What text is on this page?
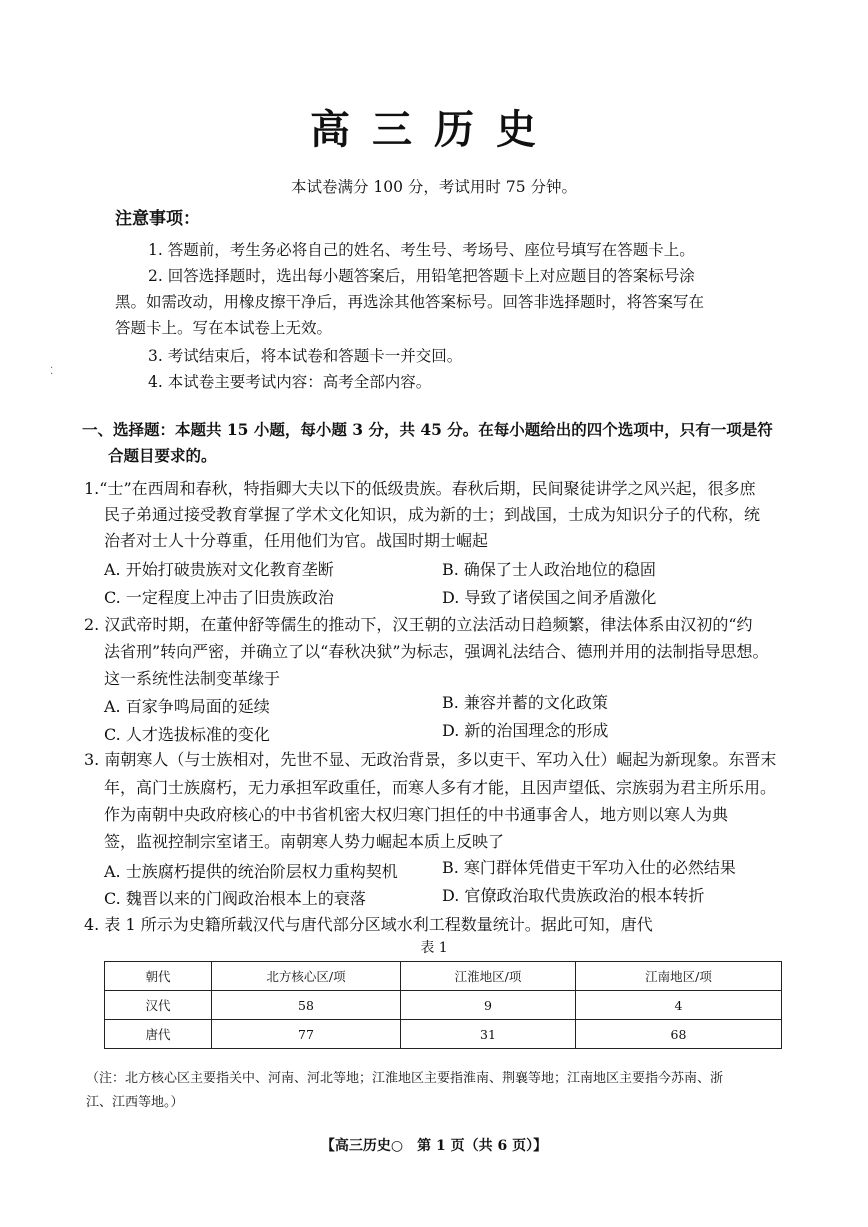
高三历史
本试卷满分 100 分，考试用时 75 分钟。
注意事项：
1. 答题前，考生务必将自己的姓名、考生号、考场号、座位号填写在答题卡上。
2. 回答选择题时，选出每小题答案后，用铅笔把答题卡上对应题目的答案标号涂
黑。如需改动，用橡皮擦干净后，再选涂其他答案标号。回答非选择题时，将答案写在
答题卡上。写在本试卷上无效。
3. 考试结束后，将本试卷和答题卡一并交回。
4. 本试卷主要考试内容：高考全部内容。
⁚
一、选择题：本题共 15 小题，每小题 3 分，共 45 分。在每小题给出的四个选项中，只有一项是符
合题目要求的。
1.“士”在西周和春秋，特指卿大夫以下的低级贵族。春秋后期，民间聚徒讲学之风兴起，很多庶
民子弟通过接受教育掌握了学术文化知识，成为新的士；到战国，士成为知识分子的代称，统
治者对士人十分尊重，任用他们为官。战国时期士崛起
A. 开始打破贵族对文化教育垄断	B. 确保了士人政治地位的稳固
C. 一定程度上冲击了旧贵族政治	D. 导致了诸侯国之间矛盾激化
2. 汉武帝时期，在董仲舒等儒生的推动下，汉王朝的立法活动日趋频繁，律法体系由汉初的“约
法省刑”转向严密，并确立了以“春秋决狱”为标志，强调礼法结合、德刑并用的法制指导思想。
这一系统性法制变革缘于
A. 百家争鸣局面的延续	B. 兼容并蓄的文化政策
C. 人才选拔标准的变化	D. 新的治国理念的形成
3. 南朝寒人（与士族相对，先世不显、无政治背景，多以吏干、军功入仕）崛起为新现象。东晋末
年，高门士族腐朽，无力承担军政重任，而寒人多有才能，且因声望低、宗族弱为君主所乐用。
作为南朝中央政府核心的中书省机密大权归寒门担任的中书通事舍人，地方则以寒人为典
签，监视控制宗室诸王。南朝寒人势力崛起本质上反映了
A. 士族腐朽提供的统治阶层权力重构契机	B. 寒门群体凭借吏干军功入仕的必然结果
C. 魏晋以来的门阀政治根本上的衰落	D. 官僚政治取代贵族政治的根本转折
4. 表 1 所示为史籍所载汉代与唐代部分区域水利工程数量统计。据此可知，唐代
表 1
朝代	北方核心区/项	江淮地区/项	江南地区/项
汉代	58	9	4
唐代	77	31	68
（注：北方核心区主要指关中、河南、河北等地；江淮地区主要指淮南、荆襄等地；江南地区主要指今苏南、浙
江、江西等地。）
【高三历史○　第 1 页（共 6 页）】
